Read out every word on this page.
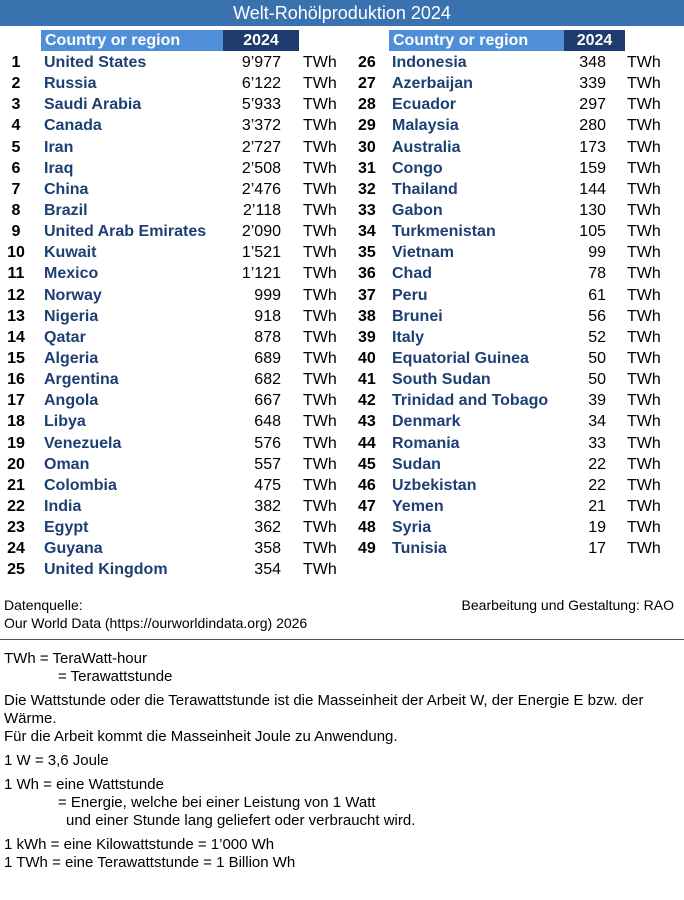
Welt-Rohölproduktion 2024
Country or region	2024
1	United States	9’977 TWh
2	Russia	6’122 TWh
3	Saudi Arabia	5’933 TWh
4	Canada	3’372 TWh
5	Iran	2’727 TWh
6	Iraq	2’508 TWh
7	China	2’476 TWh
8	Brazil	2’118 TWh
9	United Arab Emirates	2’090 TWh
10	Kuwait	1’521 TWh
11	Mexico	1’121 TWh
12	Norway	999 TWh
13	Nigeria	918 TWh
14	Qatar	878 TWh
15	Algeria	689 TWh
16	Argentina	682 TWh
17	Angola	667 TWh
18	Libya	648 TWh
19	Venezuela	576 TWh
20	Oman	557 TWh
21	Colombia	475 TWh
22	India	382 TWh
23	Egypt	362 TWh
24	Guyana	358 TWh
25	United Kingdom	354 TWh
Country or region	2024
26	Indonesia	348 TWh
27	Azerbaijan	339 TWh
28	Ecuador	297 TWh
29	Malaysia	280 TWh
30	Australia	173 TWh
31	Congo	159 TWh
32	Thailand	144 TWh
33	Gabon	130 TWh
34	Turkmenistan	105 TWh
35	Vietnam	99 TWh
36	Chad	78 TWh
37	Peru	61 TWh
38	Brunei	56 TWh
39	Italy	52 TWh
40	Equatorial Guinea	50 TWh
41	South Sudan	50 TWh
42	Trinidad and Tobago	39 TWh
43	Denmark	34 TWh
44	Romania	33 TWh
45	Sudan	22 TWh
46	Uzbekistan	22 TWh
47	Yemen	21 TWh
48	Syria	19 TWh
49	Tunisia	17 TWh
Datenquelle:
Our World Data (https://ourworldindata.org) 2026
Bearbeitung und Gestaltung: RAO

TWh = TeraWatt-hour

= Terawattstunde

Die Wattstunde oder die Terawattstunde ist die Masseinheit der Arbeit W, der Energie E bzw. der Wärme.

Für die Arbeit kommt die Masseinheit Joule zu Anwendung.

1 W = 3,6 Joule

1 Wh = eine Wattstunde

= Energie, welche bei einer Leistung von 1 Watt

und einer Stunde lang geliefert oder verbraucht wird.

1 kWh = eine Kilowattstunde = 1’000 Wh

1 TWh = eine Terawattstunde = 1 Billion Wh
